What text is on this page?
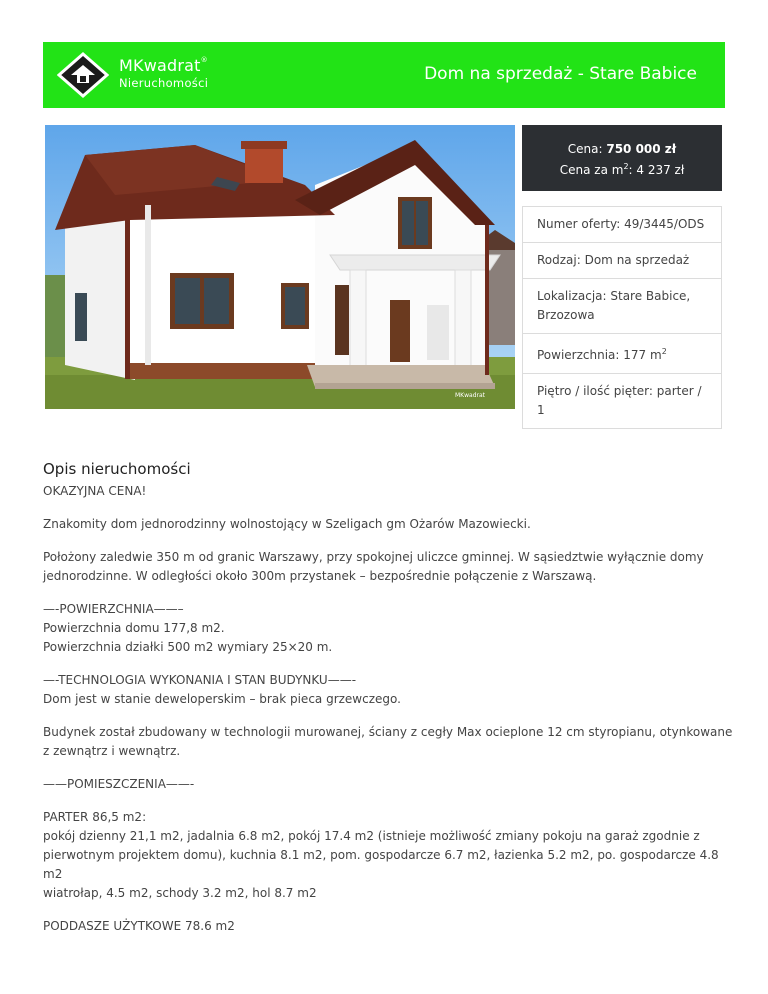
MKwadrat®
Nieruchomości	Dom na sprzedaż - Stare Babice
MKwadrat
Cena: 750 000 zł
Cena za $m^2$: 4 237 zł
Numer oferty: 49/3445/ODS
Rodzaj: Dom na sprzedaż
Lokalizacja: Stare Babice, Brzozowa
Powierzchnia: 177 $m^2$
Piętro / ilość pięter: parter / 1
Opis nieruchomości

OKAZYJNA CENA!

Znakomity dom jednorodzinny wolnostojący w Szeligach gm Ożarów Mazowiecki.

Położony zaledwie 350 m od granic Warszawy, przy spokojnej uliczce gminnej. W sąsiedztwie wyłącznie domy jednorodzinne. W odległości około 300m przystanek – bezpośrednie połączenie z Warszawą.

—-POWIERZCHNIA——–
Powierzchnia domu 177,8 m2.
Powierzchnia działki 500 m2 wymiary 25×20 m.

—-TECHNOLOGIA WYKONANIA I STAN BUDYNKU——-
Dom jest w stanie deweloperskim – brak pieca grzewczego.

Budynek został zbudowany w technologii murowanej, ściany z cegły Max ocieplone 12 cm styropianu, otynkowane z zewnątrz i wewnątrz.

——POMIESZCZENIA——-

PARTER 86,5 m2:
pokój dzienny 21,1 m2, jadalnia 6.8 m2, pokój 17.4 m2 (istnieje możliwość zmiany pokoju na garaż zgodnie z pierwotnym projektem domu), kuchnia 8.1 m2, pom. gospodarcze 6.7 m2, łazienka 5.2 m2, po. gospodarcze 4.8 m2
wiatrołap, 4.5 m2, schody 3.2 m2, hol 8.7 m2

PODDASZE UŻYTKOWE 78.6 m2
